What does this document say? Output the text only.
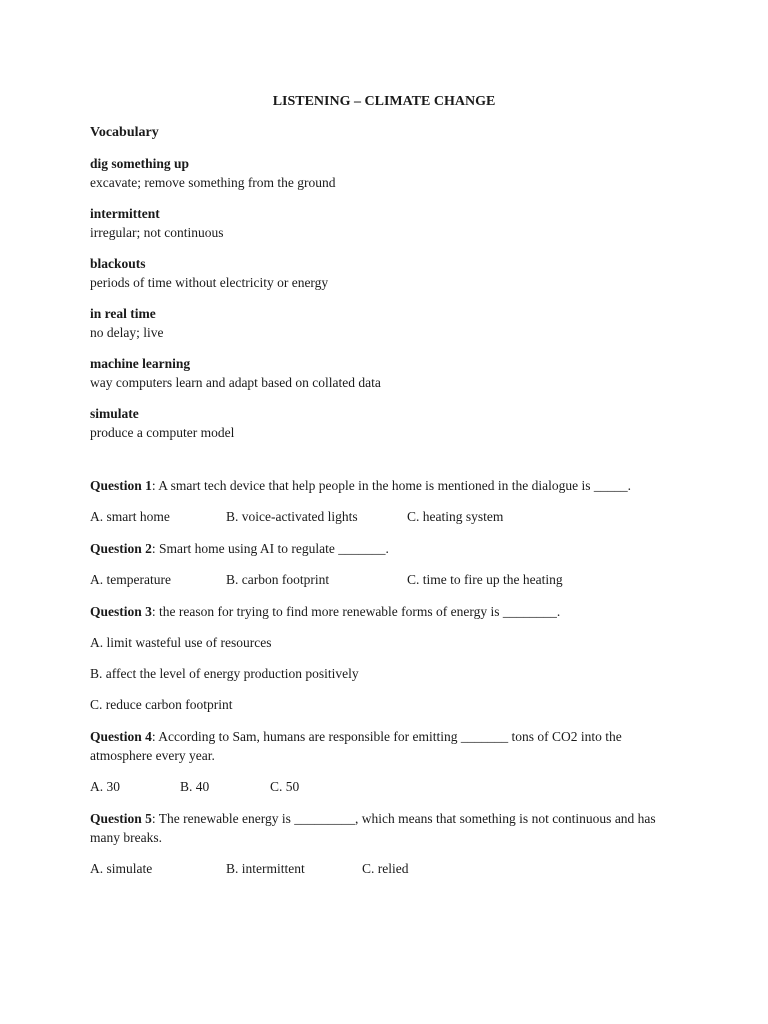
LISTENING – CLIMATE CHANGE
Vocabulary
dig something up
excavate; remove something from the ground
intermittent
irregular; not continuous
blackouts
periods of time without electricity or energy
in real time
no delay; live
machine learning
way computers learn and adapt based on collated data
simulate
produce a computer model
Question 1: A smart tech device that help people in the home is mentioned in the dialogue is _____.
A. smart home	B. voice-activated lights	C. heating system
Question 2: Smart home using AI to regulate _______.
A. temperature	B. carbon footprint	C. time to fire up the heating
Question 3: the reason for trying to find more renewable forms of energy is ________.
A. limit wasteful use of resources
B. affect the level of energy production positively
C. reduce carbon footprint
Question 4: According to Sam, humans are responsible for emitting _______ tons of CO2 into the atmosphere every year.
A. 30	B. 40	C. 50
Question 5: The renewable energy is _________, which means that something is not continuous and has many breaks.
A. simulate	B. intermittent	C. relied
